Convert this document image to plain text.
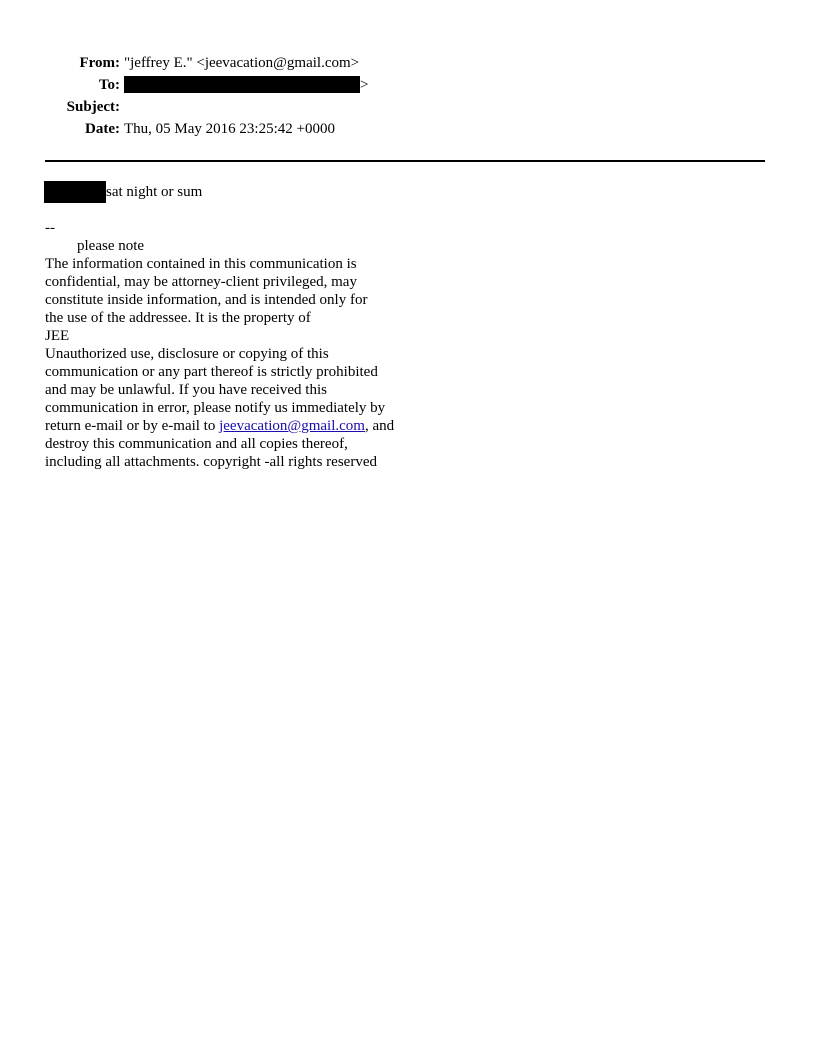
From: "jeffrey E." <jeevacation@gmail.com>
To:	>
Subject:
Date: Thu, 05 May 2016 23:25:42 +0000
sat night or sum
--
please note
The information contained in this communication is
confidential, may be attorney-client privileged, may
constitute inside information, and is intended only for
the use of the addressee. It is the property of
JEE
Unauthorized use, disclosure or copying of this
communication or any part thereof is strictly prohibited
and may be unlawful. If you have received this
communication in error, please notify us immediately by
return e-mail or by e-mail to jeevacation@gmail.com, and
destroy this communication and all copies thereof,
including all attachments. copyright -all rights reserved
